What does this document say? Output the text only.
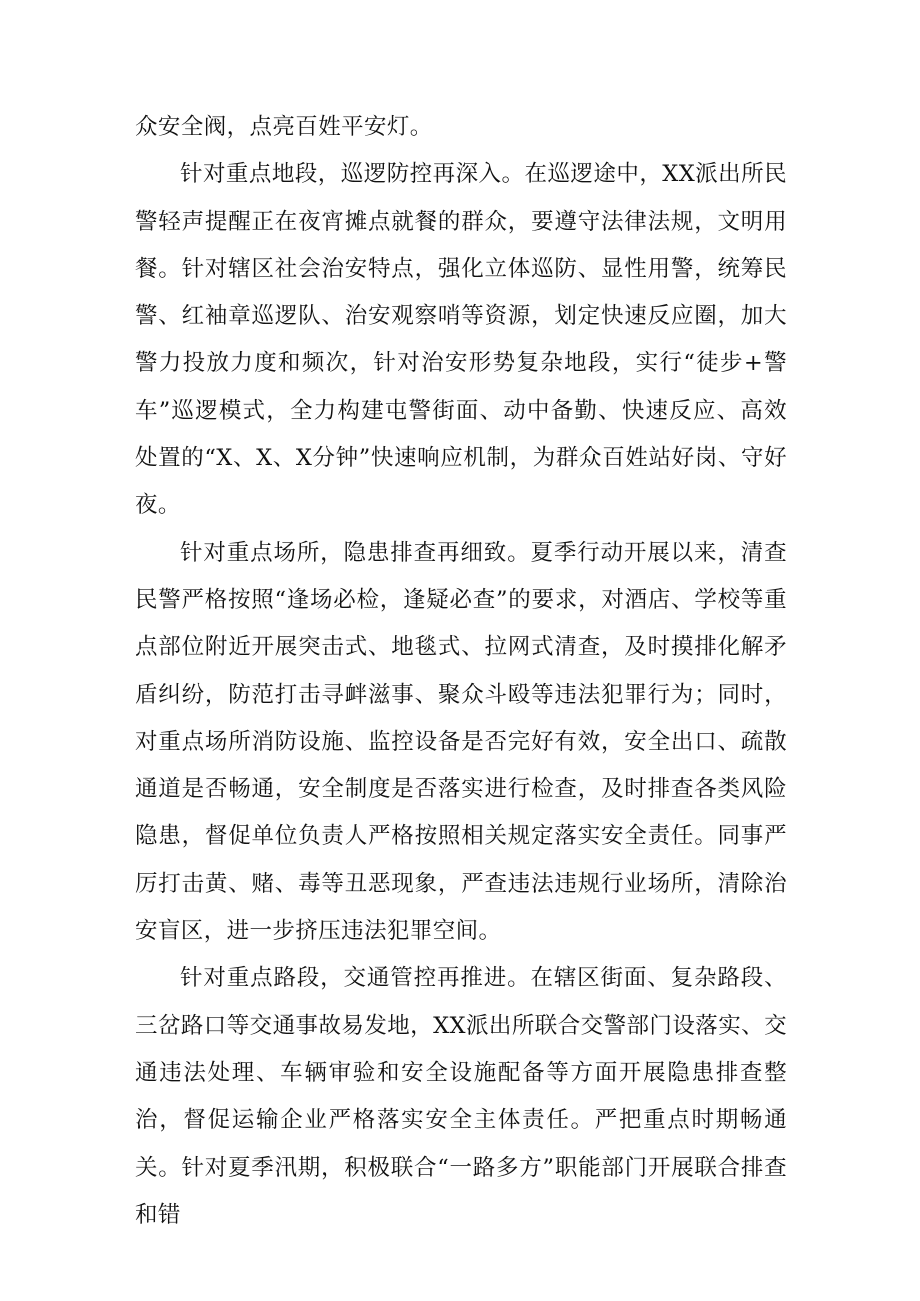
众安全阀，点亮百姓平安灯。

针对重点地段，巡逻防控再深入。在巡逻途中，XX派出所民警轻声提醒正在夜宵摊点就餐的群众，要遵守法律法规，文明用餐。针对辖区社会治安特点，强化立体巡防、显性用警，统筹民警、红袖章巡逻队、治安观察哨等资源，划定快速反应圈，加大警力投放力度和频次，针对治安形势复杂地段，实行“徒步+警车”巡逻模式，全力构建屯警街面、动中备勤、快速反应、高效处置的“X、X、X分钟”快速响应机制，为群众百姓站好岗、守好夜。

针对重点场所，隐患排查再细致。夏季行动开展以来，清查民警严格按照“逢场必检，逢疑必查”的要求，对酒店、学校等重点部位附近开展突击式、地毯式、拉网式清查，及时摸排化解矛盾纠纷，防范打击寻衅滋事、聚众斗殴等违法犯罪行为；同时，对重点场所消防设施、监控设备是否完好有效，安全出口、疏散通道是否畅通，安全制度是否落实进行检查，及时排查各类风险隐患，督促单位负责人严格按照相关规定落实安全责任。同事严厉打击黄、赌、毒等丑恶现象，严查违法违规行业场所，清除治安盲区，进一步挤压违法犯罪空间。

针对重点路段，交通管控再推进。在辖区街面、复杂路段、三岔路口等交通事故易发地，XX派出所联合交警部门设落实、交通违法处理、车辆审验和安全设施配备等方面开展隐患排查整治，督促运输企业严格落实安全主体责任。严把重点时期畅通关。针对夏季汛期，积极联合“一路多方”职能部门开展联合排查和错
